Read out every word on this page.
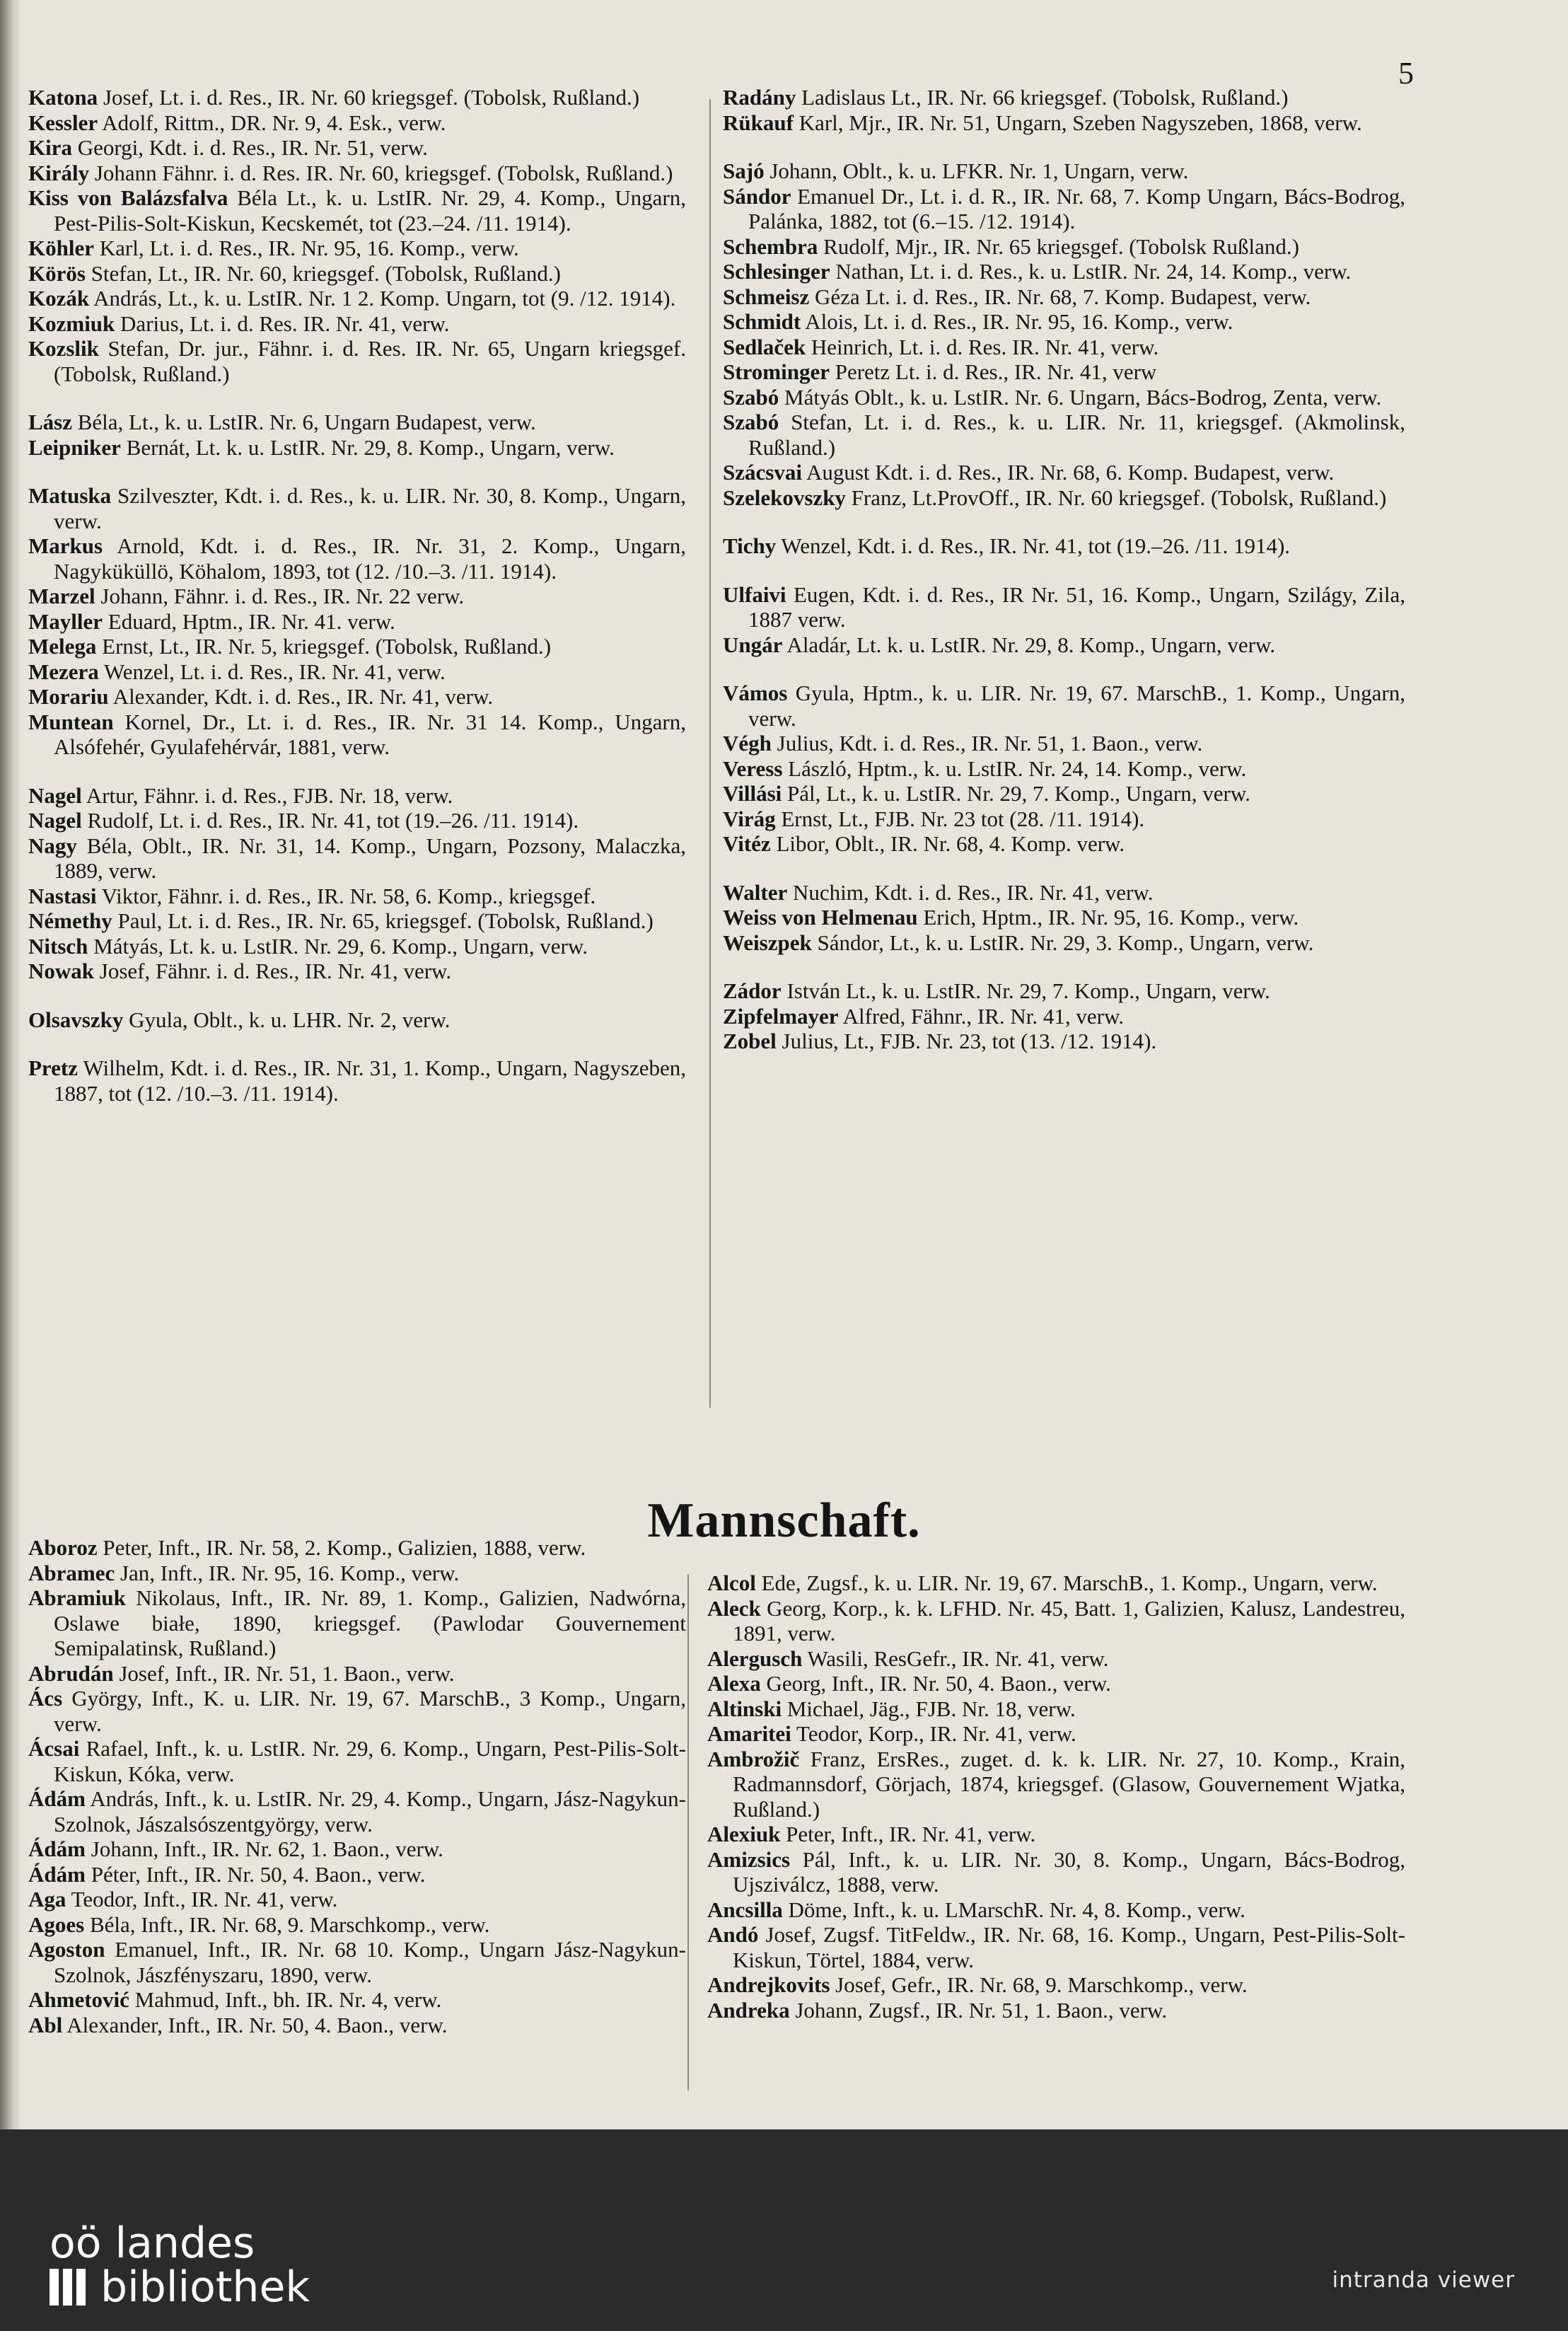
5

Katona Josef, Lt. i. d. Res., IR. Nr. 60 kriegsgef. (Tobolsk, Rußland.)

Kessler Adolf, Rittm., DR. Nr. 9, 4. Esk., verw.

Kira Georgi, Kdt. i. d. Res., IR. Nr. 51, verw.

Király Johann Fähnr. i. d. Res. IR. Nr. 60, kriegsgef. (Tobolsk, Rußland.)

Kiss von Balázsfalva Béla Lt., k. u. LstIR. Nr. 29, 4. Komp., Ungarn, Pest-Pilis-Solt-Kiskun, Kecskemét, tot (23.–24. /11. 1914).

Köhler Karl, Lt. i. d. Res., IR. Nr. 95, 16. Komp., verw.

Körös Stefan, Lt., IR. Nr. 60, kriegsgef. (Tobolsk, Rußland.)

Kozák András, Lt., k. u. LstIR. Nr. 1 2. Komp. Ungarn, tot (9. /12. 1914).

Kozmiuk Darius, Lt. i. d. Res. IR. Nr. 41, verw.

Kozslik Stefan, Dr. jur., Fähnr. i. d. Res. IR. Nr. 65, Ungarn kriegsgef. (Tobolsk, Rußland.)

Lász Béla, Lt., k. u. LstIR. Nr. 6, Ungarn Budapest, verw.

Leipniker Bernát, Lt. k. u. LstIR. Nr. 29, 8. Komp., Ungarn, verw.

Matuska Szilveszter, Kdt. i. d. Res., k. u. LIR. Nr. 30, 8. Komp., Ungarn, verw.

Markus Arnold, Kdt. i. d. Res., IR. Nr. 31, 2. Komp., Ungarn, Nagyküküllö, Köhalom, 1893, tot (12. /10.–3. /11. 1914).

Marzel Johann, Fähnr. i. d. Res., IR. Nr. 22 verw.

Mayller Eduard, Hptm., IR. Nr. 41. verw.

Melega Ernst, Lt., IR. Nr. 5, kriegsgef. (Tobolsk, Rußland.)

Mezera Wenzel, Lt. i. d. Res., IR. Nr. 41, verw.

Morariu Alexander, Kdt. i. d. Res., IR. Nr. 41, verw.

Muntean Kornel, Dr., Lt. i. d. Res., IR. Nr. 31 14. Komp., Ungarn, Alsófehér, Gyulafehérvár, 1881, verw.

Nagel Artur, Fähnr. i. d. Res., FJB. Nr. 18, verw.

Nagel Rudolf, Lt. i. d. Res., IR. Nr. 41, tot (19.–26. /11. 1914).

Nagy Béla, Oblt., IR. Nr. 31, 14. Komp., Ungarn, Pozsony, Malaczka, 1889, verw.

Nastasi Viktor, Fähnr. i. d. Res., IR. Nr. 58, 6. Komp., kriegsgef.

Némethy Paul, Lt. i. d. Res., IR. Nr. 65, kriegsgef. (Tobolsk, Rußland.)

Nitsch Mátyás, Lt. k. u. LstIR. Nr. 29, 6. Komp., Ungarn, verw.

Nowak Josef, Fähnr. i. d. Res., IR. Nr. 41, verw.

Olsavszky Gyula, Oblt., k. u. LHR. Nr. 2, verw.

Pretz Wilhelm, Kdt. i. d. Res., IR. Nr. 31, 1. Komp., Ungarn, Nagyszeben, 1887, tot (12. /10.–3. /11. 1914).

Radány Ladislaus Lt., IR. Nr. 66 kriegsgef. (Tobolsk, Rußland.)

Rükauf Karl, Mjr., IR. Nr. 51, Ungarn, Szeben Nagyszeben, 1868, verw.

Sajó Johann, Oblt., k. u. LFKR. Nr. 1, Ungarn, verw.

Sándor Emanuel Dr., Lt. i. d. R., IR. Nr. 68, 7. Komp Ungarn, Bács-Bodrog, Palánka, 1882, tot (6.–15. /12. 1914).

Schembra Rudolf, Mjr., IR. Nr. 65 kriegsgef. (Tobolsk Rußland.)

Schlesinger Nathan, Lt. i. d. Res., k. u. LstIR. Nr. 24, 14. Komp., verw.

Schmeisz Géza Lt. i. d. Res., IR. Nr. 68, 7. Komp. Budapest, verw.

Schmidt Alois, Lt. i. d. Res., IR. Nr. 95, 16. Komp., verw.

Sedlaček Heinrich, Lt. i. d. Res. IR. Nr. 41, verw.

Strominger Peretz Lt. i. d. Res., IR. Nr. 41, verw

Szabó Mátyás Oblt., k. u. LstIR. Nr. 6. Ungarn, Bács-Bodrog, Zenta, verw.

Szabó Stefan, Lt. i. d. Res., k. u. LIR. Nr. 11, kriegsgef. (Akmolinsk, Rußland.)

Szácsvai August Kdt. i. d. Res., IR. Nr. 68, 6. Komp. Budapest, verw.

Szelekovszky Franz, Lt.ProvOff., IR. Nr. 60 kriegsgef. (Tobolsk, Rußland.)

Tichy Wenzel, Kdt. i. d. Res., IR. Nr. 41, tot (19.–26. /11. 1914).

Ulfaivi Eugen, Kdt. i. d. Res., IR Nr. 51, 16. Komp., Ungarn, Szilágy, Zila, 1887 verw.

Ungár Aladár, Lt. k. u. LstIR. Nr. 29, 8. Komp., Ungarn, verw.

Vámos Gyula, Hptm., k. u. LIR. Nr. 19, 67. MarschB., 1. Komp., Ungarn, verw.

Végh Julius, Kdt. i. d. Res., IR. Nr. 51, 1. Baon., verw.

Veress László, Hptm., k. u. LstIR. Nr. 24, 14. Komp., verw.

Villási Pál, Lt., k. u. LstIR. Nr. 29, 7. Komp., Ungarn, verw.

Virág Ernst, Lt., FJB. Nr. 23 tot (28. /11. 1914).

Vitéz Libor, Oblt., IR. Nr. 68, 4. Komp. verw.

Walter Nuchim, Kdt. i. d. Res., IR. Nr. 41, verw.

Weiss von Helmenau Erich, Hptm., IR. Nr. 95, 16. Komp., verw.

Weiszpek Sándor, Lt., k. u. LstIR. Nr. 29, 3. Komp., Ungarn, verw.

Zádor István Lt., k. u. LstIR. Nr. 29, 7. Komp., Ungarn, verw.

Zipfelmayer Alfred, Fähnr., IR. Nr. 41, verw.

Zobel Julius, Lt., FJB. Nr. 23, tot (13. /12. 1914).

Mannschaft.

Aboroz Peter, Inft., IR. Nr. 58, 2. Komp., Galizien, 1888, verw.

Abramec Jan, Inft., IR. Nr. 95, 16. Komp., verw.

Abramiuk Nikolaus, Inft., IR. Nr. 89, 1. Komp., Galizien, Nadwórna, Oslawe białe, 1890, kriegsgef. (Pawlodar Gouvernement Semipalatinsk, Rußland.)

Abrudán Josef, Inft., IR. Nr. 51, 1. Baon., verw.

Ács György, Inft., K. u. LIR. Nr. 19, 67. MarschB., 3 Komp., Ungarn, verw.

Ácsai Rafael, Inft., k. u. LstIR. Nr. 29, 6. Komp., Ungarn, Pest-Pilis-Solt-Kiskun, Kóka, verw.

Ádám András, Inft., k. u. LstIR. Nr. 29, 4. Komp., Ungarn, Jász-Nagykun-Szolnok, Jászalsószentgyörgy, verw.

Ádám Johann, Inft., IR. Nr. 62, 1. Baon., verw.

Ádám Péter, Inft., IR. Nr. 50, 4. Baon., verw.

Aga Teodor, Inft., IR. Nr. 41, verw.

Agoes Béla, Inft., IR. Nr. 68, 9. Marschkomp., verw.

Agoston Emanuel, Inft., IR. Nr. 68 10. Komp., Ungarn Jász-Nagykun-Szolnok, Jászfényszaru, 1890, verw.

Ahmetović Mahmud, Inft., bh. IR. Nr. 4, verw.

Abl Alexander, Inft., IR. Nr. 50, 4. Baon., verw.

Alcol Ede, Zugsf., k. u. LIR. Nr. 19, 67. MarschB., 1. Komp., Ungarn, verw.

Aleck Georg, Korp., k. k. LFHD. Nr. 45, Batt. 1, Galizien, Kalusz, Landestreu, 1891, verw.

Alergusch Wasili, ResGefr., IR. Nr. 41, verw.

Alexa Georg, Inft., IR. Nr. 50, 4. Baon., verw.

Altinski Michael, Jäg., FJB. Nr. 18, verw.

Amaritei Teodor, Korp., IR. Nr. 41, verw.

Ambrožič Franz, ErsRes., zuget. d. k. k. LIR. Nr. 27, 10. Komp., Krain, Radmannsdorf, Görjach, 1874, kriegsgef. (Glasow, Gouvernement Wjatka, Rußland.)

Alexiuk Peter, Inft., IR. Nr. 41, verw.

Amizsics Pál, Inft., k. u. LIR. Nr. 30, 8. Komp., Ungarn, Bács-Bodrog, Ujsziválcz, 1888, verw.

Ancsilla Döme, Inft., k. u. LMarschR. Nr. 4, 8. Komp., verw.

Andó Josef, Zugsf. TitFeldw., IR. Nr. 68, 16. Komp., Ungarn, Pest-Pilis-Solt-Kiskun, Törtel, 1884, verw.

Andrejkovits Josef, Gefr., IR. Nr. 68, 9. Marschkomp., verw.

Andreka Johann, Zugsf., IR. Nr. 51, 1. Baon., verw.

oö landes
bibliothek	intranda viewer
